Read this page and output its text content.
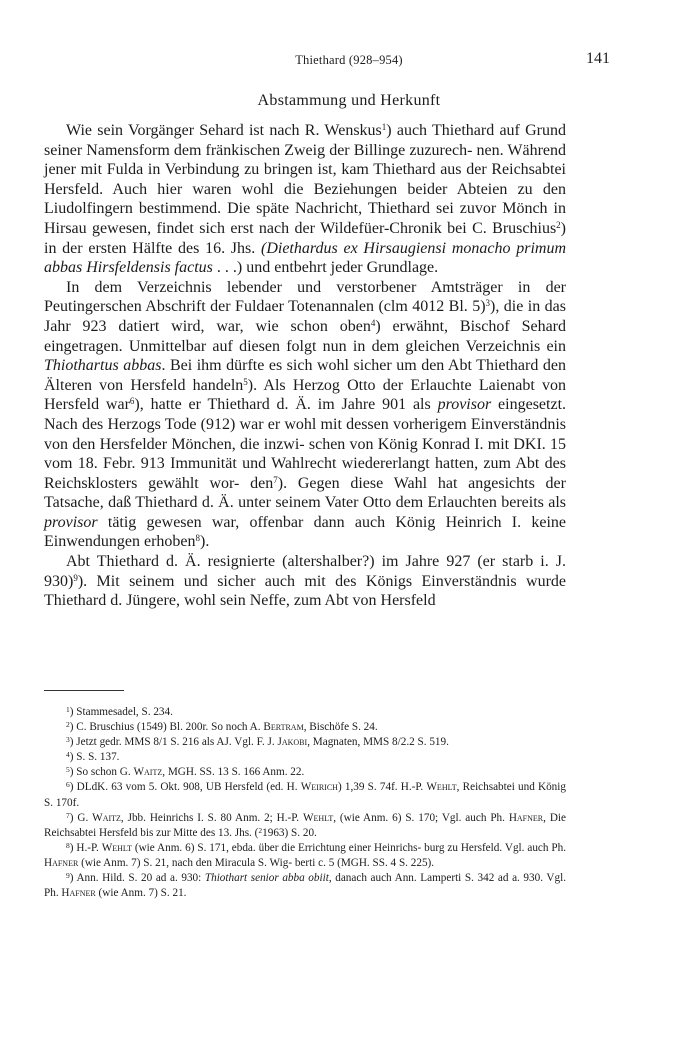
Thiethard (928–954)	141
Abstammung und Herkunft

Wie sein Vorgänger Sehard ist nach R. Wenskus$^1$) auch Thiethard auf Grund seiner Namensform dem fränkischen Zweig der Billinge zuzurech- nen. Während jener mit Fulda in Verbindung zu bringen ist, kam Thiethard aus der Reichsabtei Hersfeld. Auch hier waren wohl die Beziehungen beider Abteien zu den Liudolfingern bestimmend. Die späte Nachricht, Thiethard sei zuvor Mönch in Hirsau gewesen, findet sich erst nach der Wildefüer-Chronik bei C. Bruschius$^2$) in der ersten Hälfte des 16. Jhs. (Diethardus ex Hirsaugiensi monacho primum abbas Hirsfeldensis factus . . .) und entbehrt jeder Grundlage.

In dem Verzeichnis lebender und verstorbener Amtsträger in der Peutingerschen Abschrift der Fuldaer Totenannalen (clm 4012 Bl. 5)$^3$), die in das Jahr 923 datiert wird, war, wie schon oben$^4$) erwähnt, Bischof Sehard eingetragen. Unmittelbar auf diesen folgt nun in dem gleichen Verzeichnis ein Thiothartus abbas. Bei ihm dürfte es sich wohl sicher um den Abt Thiethard den Älteren von Hersfeld handeln$^5$). Als Herzog Otto der Erlauchte Laienabt von Hersfeld war$^6$), hatte er Thiethard d. Ä. im Jahre 901 als provisor eingesetzt. Nach des Herzogs Tode (912) war er wohl mit dessen vorherigem Einverständnis von den Hersfelder Mönchen, die inzwi- schen von König Konrad I. mit DKI. 15 vom 18. Febr. 913 Immunität und Wahlrecht wiedererlangt hatten, zum Abt des Reichsklosters gewählt wor- den$^7$). Gegen diese Wahl hat angesichts der Tatsache, daß Thiethard d. Ä. unter seinem Vater Otto dem Erlauchten bereits als provisor tätig gewesen war, offenbar dann auch König Heinrich I. keine Einwendungen erhoben$^8$).

Abt Thiethard d. Ä. resignierte (altershalber?) im Jahre 927 (er starb i. J. 930)$^9$). Mit seinem und sicher auch mit des Königs Einverständnis wurde Thiethard d. Jüngere, wohl sein Neffe, zum Abt von Hersfeld

$^1$) Stammesadel, S. 234.
$^2$) C. Bruschius (1549) Bl. 200r. So noch A. Bertram, Bischöfe S. 24.
$^3$) Jetzt gedr. MMS 8/1 S. 216 als AJ. Vgl. F. J. Jakobi, Magnaten, MMS 8/2.2 S. 519.
$^4$) S. S. 137.
$^5$) So schon G. Waitz, MGH. SS. 13 S. 166 Anm. 22.
$^6$) DLdK. 63 vom 5. Okt. 908, UB Hersfeld (ed. H. Weirich) 1,39 S. 74f. H.-P. Wehlt, Reichsabtei und König S. 170f.
$^7$) G. Waitz, Jbb. Heinrichs I. S. 80 Anm. 2; H.-P. Wehlt, (wie Anm. 6) S. 170; Vgl. auch Ph. Hafner, Die Reichsabtei Hersfeld bis zur Mitte des 13. Jhs. ($^2$1963) S. 20.
$^8$) H.-P. Wehlt (wie Anm. 6) S. 171, ebda. über die Errichtung einer Heinrichs- burg zu Hersfeld. Vgl. auch Ph. Hafner (wie Anm. 7) S. 21, nach den Miracula S. Wig- berti c. 5 (MGH. SS. 4 S. 225).
$^9$) Ann. Hild. S. 20 ad a. 930: Thiothart senior abba obiit, danach auch Ann. Lamperti S. 342 ad a. 930. Vgl. Ph. Hafner (wie Anm. 7) S. 21.
